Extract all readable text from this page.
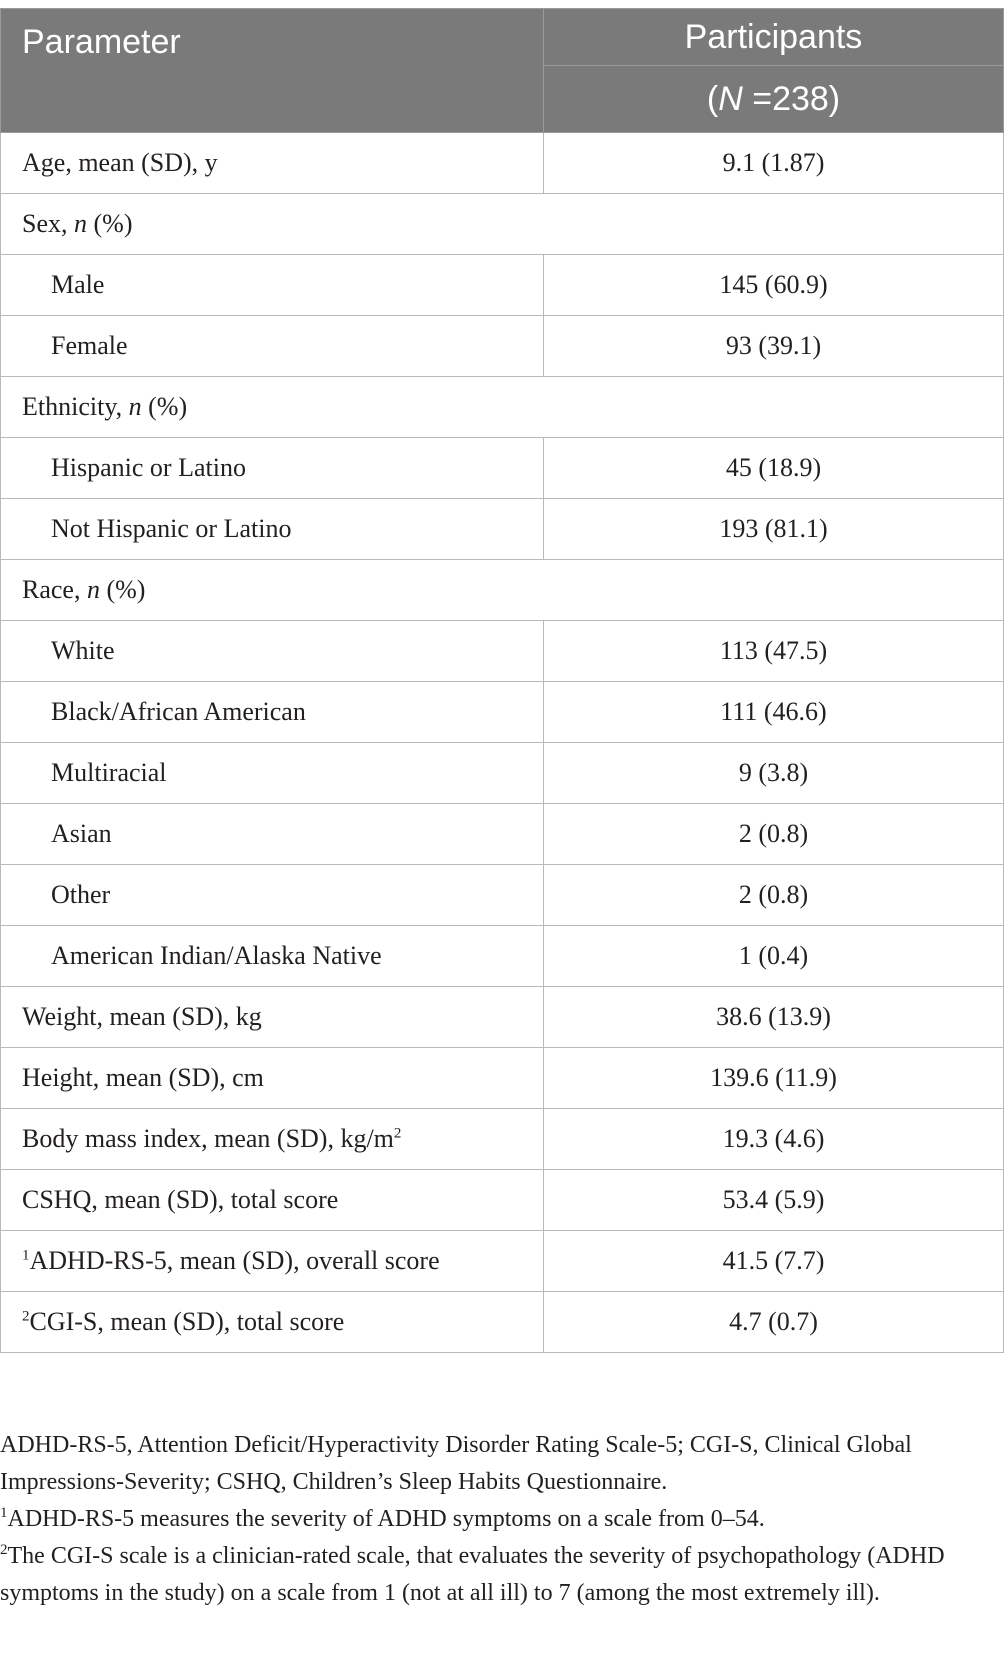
Parameter	Participants
	(N =238)
Age, mean (SD), y	9.1 (1.87)
Sex, n (%)	
Male	145 (60.9)
Female	93 (39.1)
Ethnicity, n (%)	
Hispanic or Latino	45 (18.9)
Not Hispanic or Latino	193 (81.1)
Race, n (%)	
White	113 (47.5)
Black/African American	111 (46.6)
Multiracial	9 (3.8)
Asian	2 (0.8)
Other	2 (0.8)
American Indian/Alaska Native	1 (0.4)
Weight, mean (SD), kg	38.6 (13.9)
Height, mean (SD), cm	139.6 (11.9)
Body mass index, mean (SD), $kg/m^2$	19.3 (4.6)
CSHQ, mean (SD), total score	53.4 (5.9)
$^1$ADHD-RS-5, mean (SD), overall score	41.5 (7.7)
$^2$CGI-S, mean (SD), total score	4.7 (0.7)

ADHD-RS-5, Attention Deficit/Hyperactivity Disorder Rating Scale-5; CGI-S, Clinical Global Impressions-Severity; CSHQ, Children’s Sleep Habits Questionnaire.

$^1$ADHD-RS-5 measures the severity of ADHD symptoms on a scale from 0–54.

$^2$The CGI-S scale is a clinician-rated scale, that evaluates the severity of psychopathology (ADHD symptoms in the study) on a scale from 1 (not at all ill) to 7 (among the most extremely ill).
